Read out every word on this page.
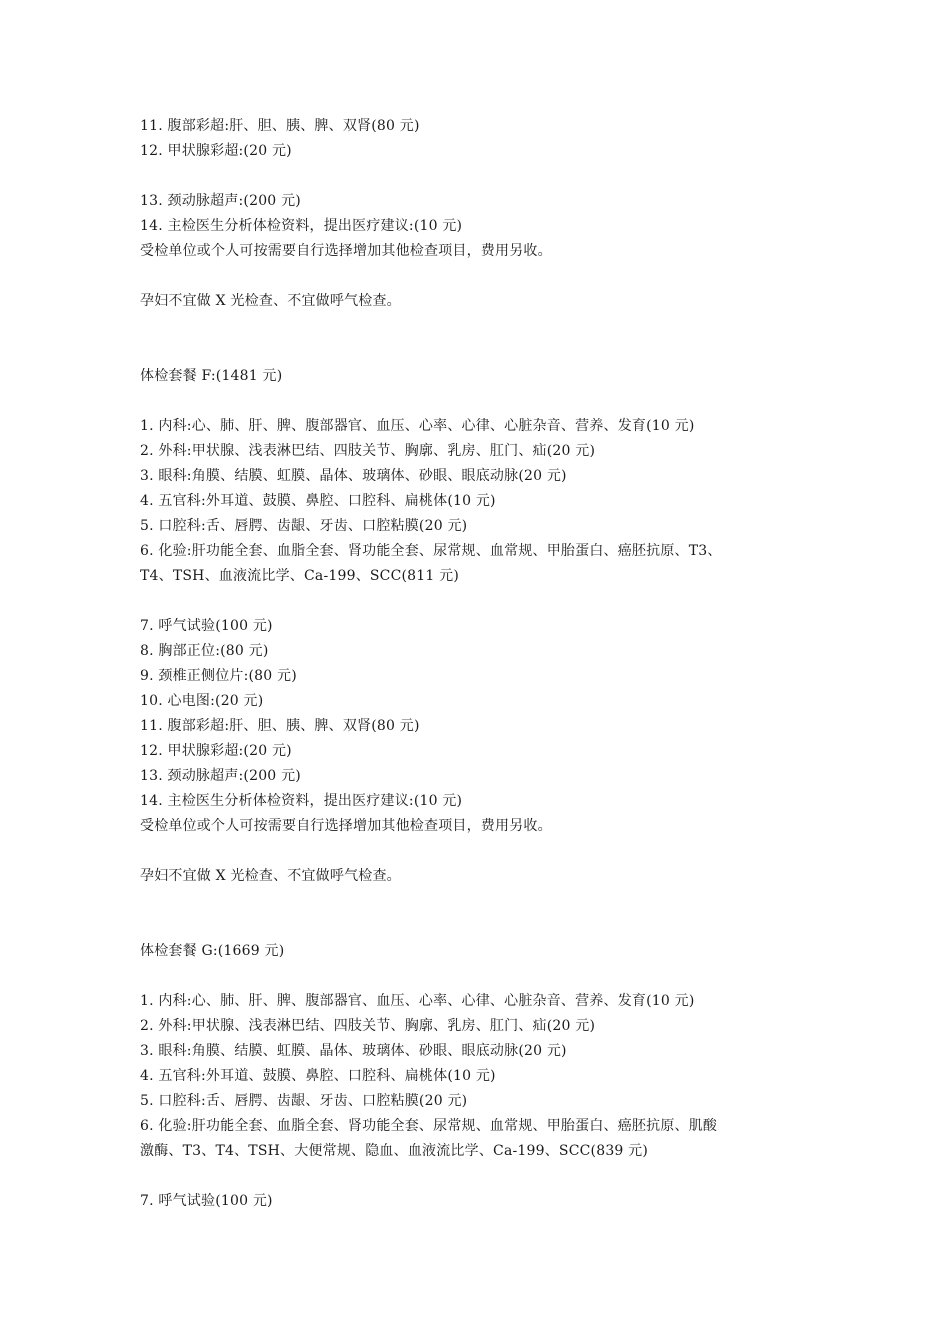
11. 腹部彩超:肝、胆、胰、脾、双肾(80 元)
12. 甲状腺彩超:(20 元)
13. 颈动脉超声:(200 元)
14. 主检医生分析体检资料，提出医疗建议:(10 元)
受检单位或个人可按需要自行选择增加其他检查项目，费用另收。
孕妇不宜做 X 光检查、不宜做呼气检查。
体检套餐 F:(1481 元)
1. 内科:心、肺、肝、脾、腹部器官、血压、心率、心律、心脏杂音、营养、发育(10 元)
2. 外科:甲状腺、浅表淋巴结、四肢关节、胸廓、乳房、肛门、疝(20 元)
3. 眼科:角膜、结膜、虹膜、晶体、玻璃体、砂眼、眼底动脉(20 元)
4. 五官科:外耳道、鼓膜、鼻腔、口腔科、扁桃体(10 元)
5. 口腔科:舌、唇腭、齿龈、牙齿、口腔粘膜(20 元)
6. 化验:肝功能全套、血脂全套、肾功能全套、尿常规、血常规、甲胎蛋白、癌胚抗原、T3、
T4、TSH、血液流比学、Ca-199、SCC(811 元)
7. 呼气试验(100 元)
8. 胸部正位:(80 元)
9. 颈椎正侧位片:(80 元)
10. 心电图:(20 元)
11. 腹部彩超:肝、胆、胰、脾、双肾(80 元)
12. 甲状腺彩超:(20 元)
13. 颈动脉超声:(200 元)
14. 主检医生分析体检资料，提出医疗建议:(10 元)
受检单位或个人可按需要自行选择增加其他检查项目，费用另收。
孕妇不宜做 X 光检查、不宜做呼气检查。
体检套餐 G:(1669 元)
1. 内科:心、肺、肝、脾、腹部器官、血压、心率、心律、心脏杂音、营养、发育(10 元)
2. 外科:甲状腺、浅表淋巴结、四肢关节、胸廓、乳房、肛门、疝(20 元)
3. 眼科:角膜、结膜、虹膜、晶体、玻璃体、砂眼、眼底动脉(20 元)
4. 五官科:外耳道、鼓膜、鼻腔、口腔科、扁桃体(10 元)
5. 口腔科:舌、唇腭、齿龈、牙齿、口腔粘膜(20 元)
6. 化验:肝功能全套、血脂全套、肾功能全套、尿常规、血常规、甲胎蛋白、癌胚抗原、肌酸
激酶、T3、T4、TSH、大便常规、隐血、血液流比学、Ca-199、SCC(839 元)
7. 呼气试验(100 元)
